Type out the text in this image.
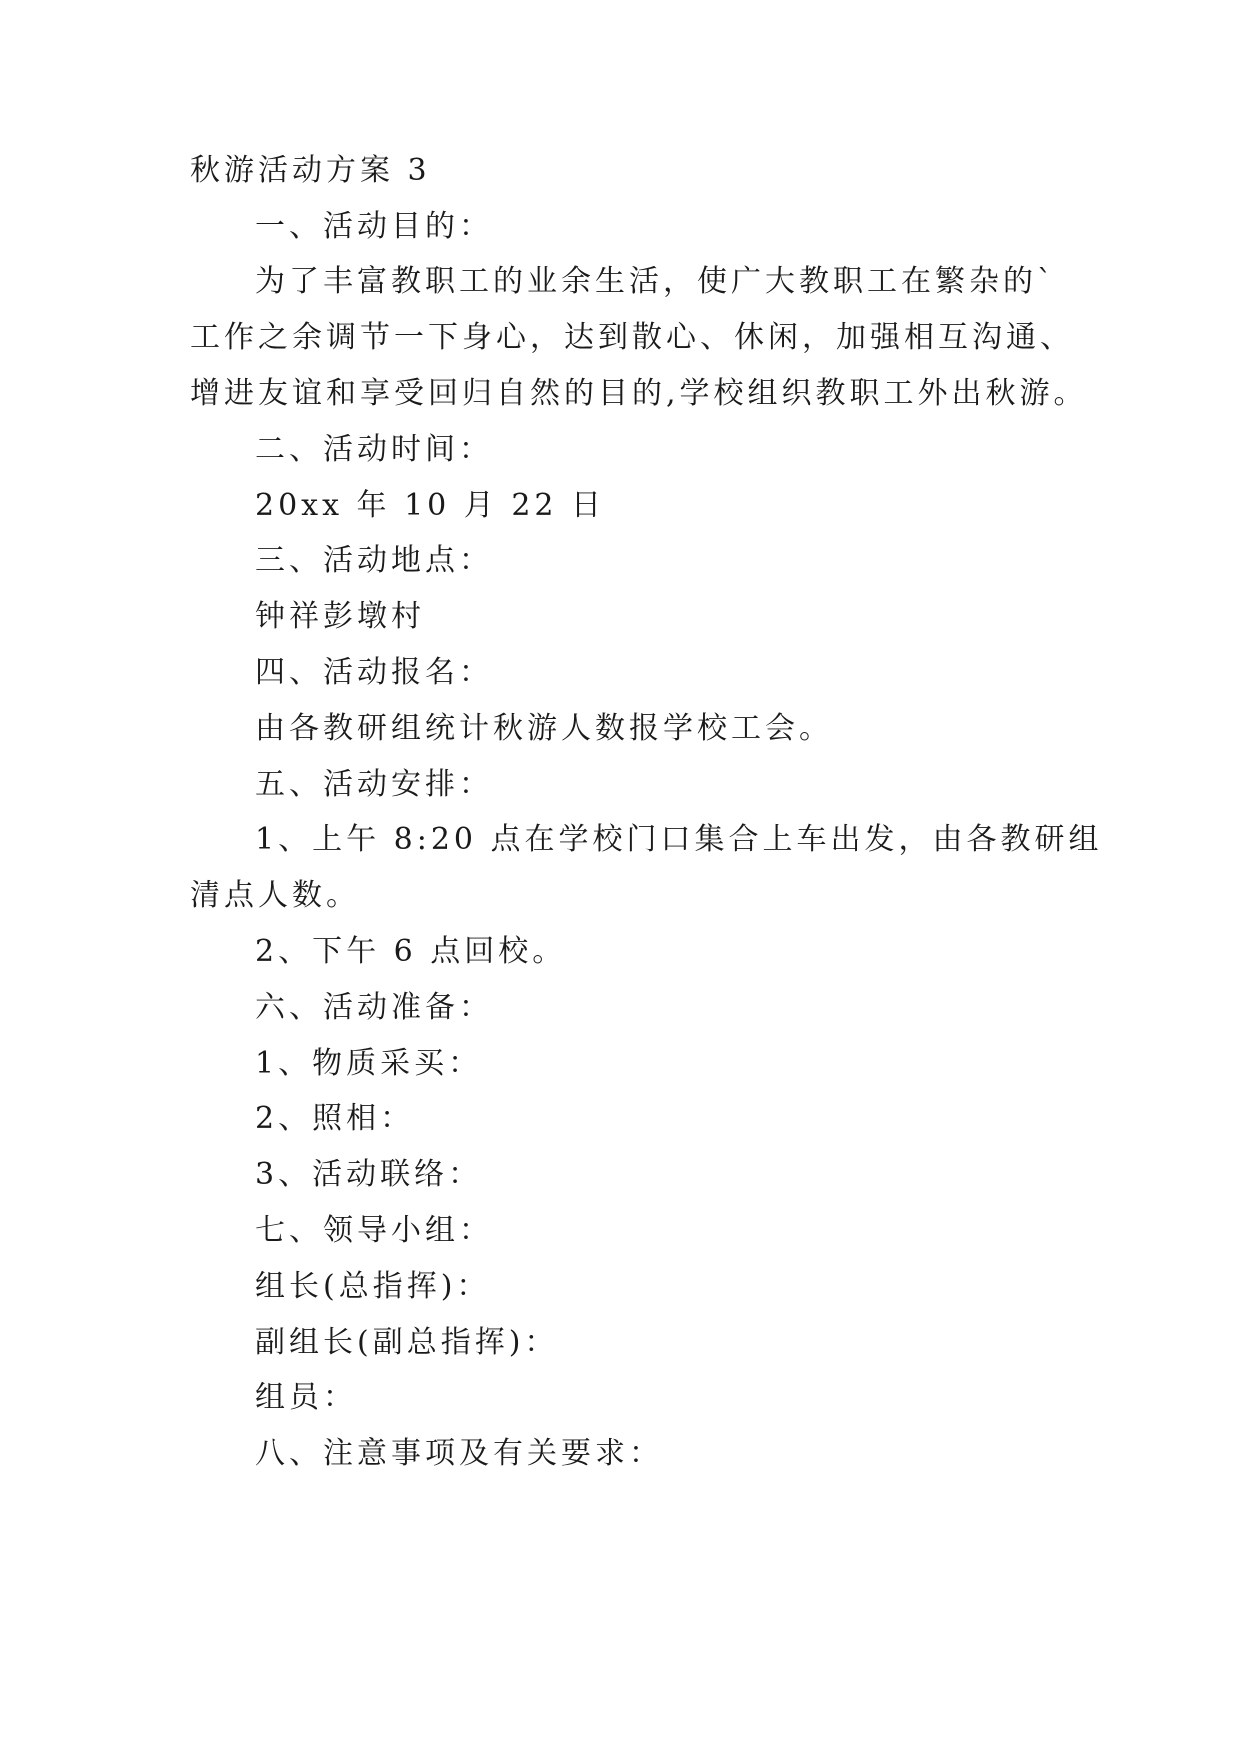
秋游活动方案 3
一、活动目的：
为了丰富教职工的业余生活，使广大教职工在繁杂的`
工作之余调节一下身心，达到散心、休闲，加强相互沟通、
增进友谊和享受回归自然的目的,学校组织教职工外出秋游。
二、活动时间：
20xx 年 10 月 22 日
三、活动地点：
钟祥彭墩村
四、活动报名：
由各教研组统计秋游人数报学校工会。
五、活动安排：
1、上午 8:20 点在学校门口集合上车出发，由各教研组
清点人数。
2、下午 6 点回校。
六、活动准备：
1、物质采买：
2、照相：
3、活动联络：
七、领导小组：
组长(总指挥)：
副组长(副总指挥)：
组员：
八、注意事项及有关要求：
